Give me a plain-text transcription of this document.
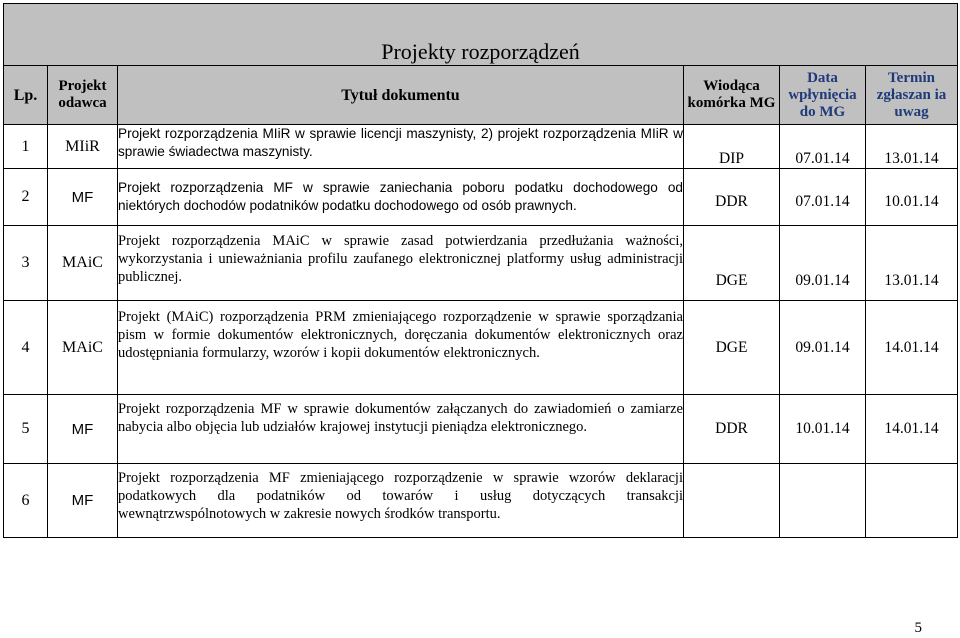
Projekty rozporządzeń					
Lp.	Projekt odawca	Tytuł dokumentu	Wiodąca komórka MG	Data wpłynięcia do MG	Termin zgłaszan ia uwag
1	MIiR	Projekt rozporządzenia MIiR w sprawie licencji maszynisty, 2) projekt rozporządzenia MIiR w sprawie świadectwa maszynisty.	DIP	07.01.14	13.01.14
2	MF	Projekt rozporządzenia MF w sprawie zaniechania poboru podatku dochodowego od niektórych dochodów podatników podatku dochodowego od osób prawnych.	DDR	07.01.14	10.01.14
3	MAiC	Projekt rozporządzenia MAiC w sprawie zasad potwierdzania przedłużania ważności, wykorzystania i unieważniania profilu zaufanego elektronicznej platformy usług administracji publicznej.	DGE	09.01.14	13.01.14
4	MAiC	Projekt (MAiC) rozporządzenia PRM zmieniającego rozporządzenie w sprawie sporządzania pism w formie dokumentów elektronicznych, doręczania dokumentów elektronicznych oraz udostępniania formularzy, wzorów i kopii dokumentów elektronicznych.	DGE	09.01.14	14.01.14
5	MF	Projekt rozporządzenia MF w sprawie dokumentów załączanych do zawiadomień o zamiarze nabycia albo objęcia lub udziałów krajowej instytucji pieniądza elektronicznego.	DDR	10.01.14	14.01.14
6	MF	Projekt rozporządzenia MF zmieniającego rozporządzenie w sprawie wzorów deklaracji podatkowych dla podatników od towarów i usług dotyczących transakcji wewnątrzwspólnotowych w zakresie nowych środków transportu.			
5
